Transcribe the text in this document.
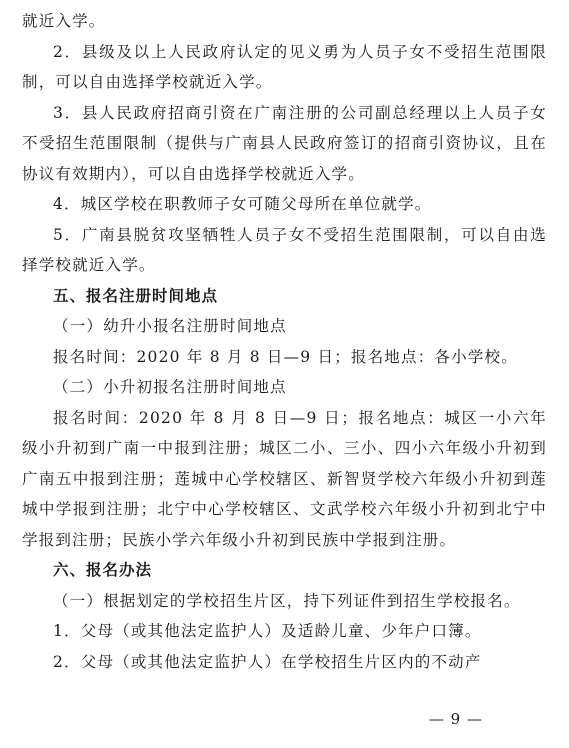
就近入学。

2．县级及以上人民政府认定的见义勇为人员子女不受招生范围限制，可以自由选择学校就近入学。

3．县人民政府招商引资在广南注册的公司副总经理以上人员子女不受招生范围限制（提供与广南县人民政府签订的招商引资协议，且在协议有效期内），可以自由选择学校就近入学。

4．城区学校在职教师子女可随父母所在单位就学。

5．广南县脱贫攻坚牺牲人员子女不受招生范围限制，可以自由选择学校就近入学。

五、报名注册时间地点

（一）幼升小报名注册时间地点

报名时间：2020 年 8 月 8 日—9 日；报名地点：各小学校。

（二）小升初报名注册时间地点

报名时间：2020 年 8 月 8 日—9 日；报名地点：城区一小六年级小升初到广南一中报到注册；城区二小、三小、四小六年级小升初到广南五中报到注册；莲城中心学校辖区、新智贤学校六年级小升初到莲城中学报到注册；北宁中心学校辖区、文武学校六年级小升初到北宁中学报到注册；民族小学六年级小升初到民族中学报到注册。

六、报名办法

（一）根据划定的学校招生片区，持下列证件到招生学校报名。

1．父母（或其他法定监护人）及适龄儿童、少年户口簿。

2．父母（或其他法定监护人）在学校招生片区内的不动产

— 9 —
